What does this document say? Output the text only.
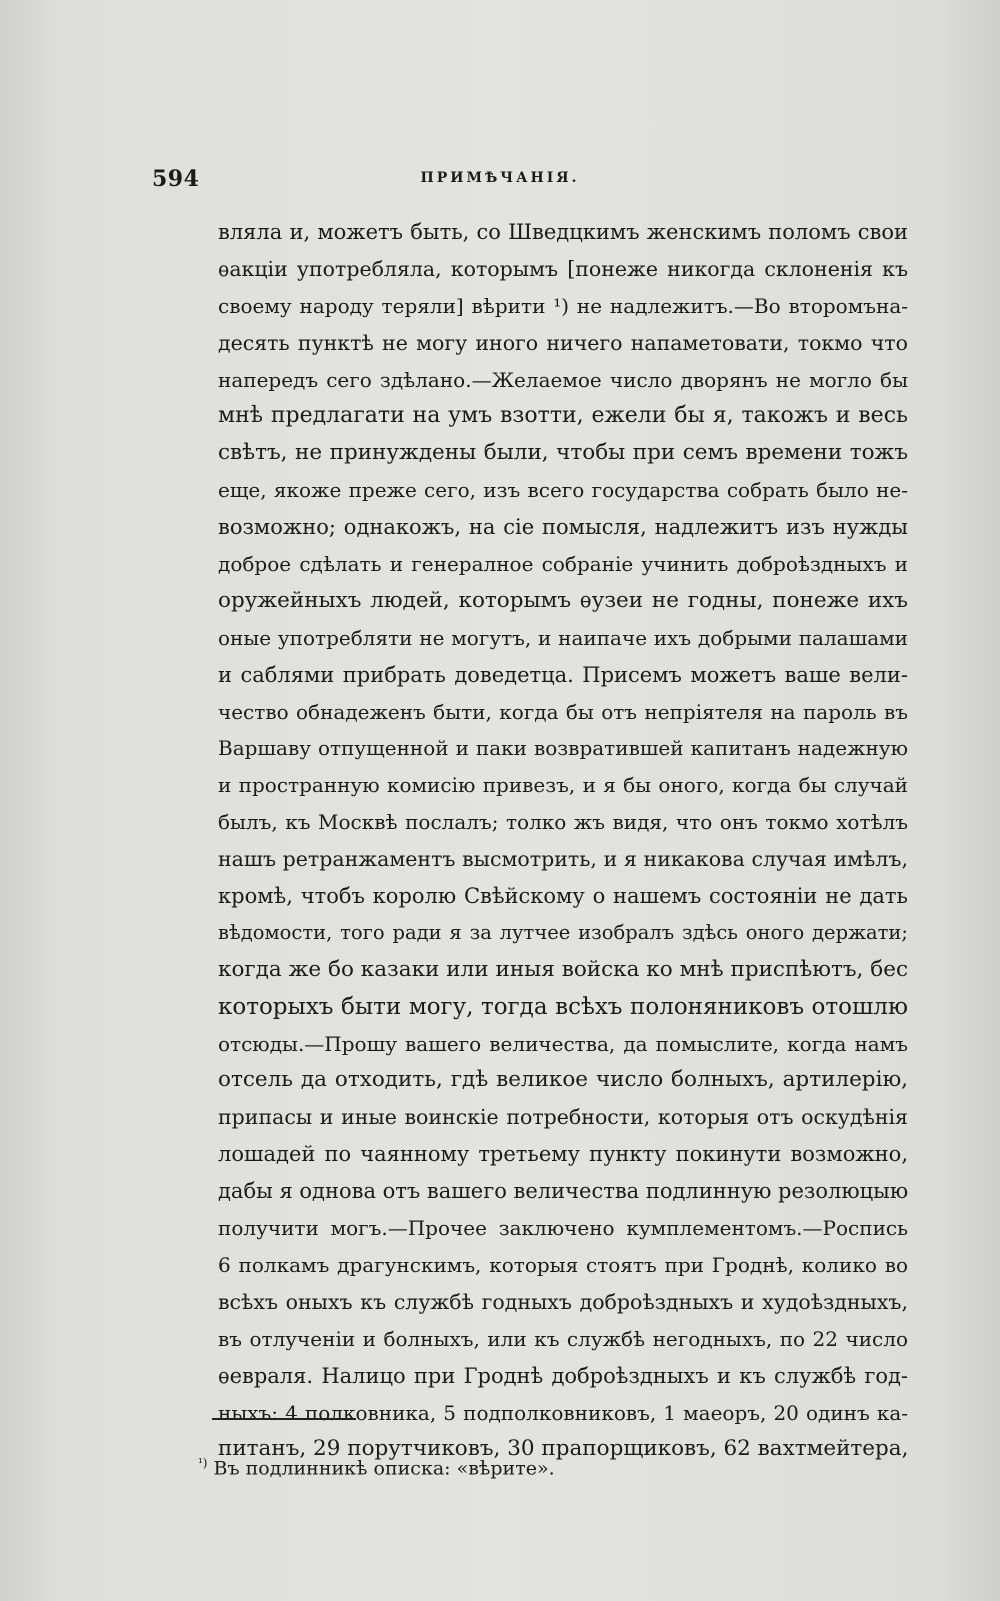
594	ПРИМѢЧАНІЯ.
вляла и, можетъ быть, со Шведцкимъ женскимъ поломъ свои
ѳакціи употребляла, которымъ [понеже никогда склоненія къ
своему народу теряли] вѣрити ¹) не надлежитъ.—Во второмъна-
десять пунктѣ не могу иного ничего напаметовати, токмо что
напередъ сего здѣлано.—Желаемое число дворянъ не могло бы
мнѣ предлагати на умъ взотти, ежели бы я, такожъ и весь
свѣтъ, не принуждены были, чтобы при семъ времени тожъ
еще, якоже преже сего, изъ всего государства собрать было не-
возможно; однакожъ, на сіе помысля, надлежитъ изъ нужды
доброе сдѣлать и генералное собраніе учинить доброѣздныхъ и
оружейныхъ людей, которымъ ѳузеи не годны, понеже ихъ
оные употребляти не могутъ, и наипаче ихъ добрыми палашами
и саблями прибрать доведетца. Присемъ можетъ ваше вели-
чество обнадеженъ быти, когда бы отъ непріятеля на пароль въ
Варшаву отпущенной и паки возвратившей капитанъ надежную
и пространную комисію привезъ, и я бы оного, когда бы случай
былъ, къ Москвѣ послалъ; толко жъ видя, что онъ токмо хотѣлъ
нашъ ретранжаментъ высмотрить, и я никакова случая имѣлъ,
кромѣ, чтобъ королю Свѣйскому о нашемъ состояніи не дать
вѣдомости, того ради я за лутчее изобралъ здѣсь оного держати;
когда же бо казаки или иныя войска ко мнѣ приспѣютъ, бес
которыхъ быти могу, тогда всѣхъ полоняниковъ отошлю
отсюды.—Прошу вашего величества, да помыслите, когда намъ
отсель да отходить, гдѣ великое число болныхъ, артилерію,
припасы и иные воинскіе потребности, которыя отъ оскудѣнія
лошадей по чаянному третьему пункту покинути возможно,
дабы я однова отъ вашего величества подлинную резолюцыю
получити могъ.—Прочее заключено кумплементомъ.—Роспись
6 полкамъ драгунскимъ, которыя стоятъ при Гроднѣ, колико во
всѣхъ оныхъ къ службѣ годныхъ доброѣздныхъ и худоѣздныхъ,
въ отлученіи и болныхъ, или къ службѣ негодныхъ, по 22 число
ѳевраля. Налицо при Гроднѣ доброѣздныхъ и къ службѣ год-
ныхъ: 4 полковника, 5 подполковниковъ, 1 маеоръ, 20 одинъ ка-
питанъ, 29 порутчиковъ, 30 прапорщиковъ, 62 вахтмейтера,
$^{^1)}$ Въ подлинникѣ описка: «вѣрите».
